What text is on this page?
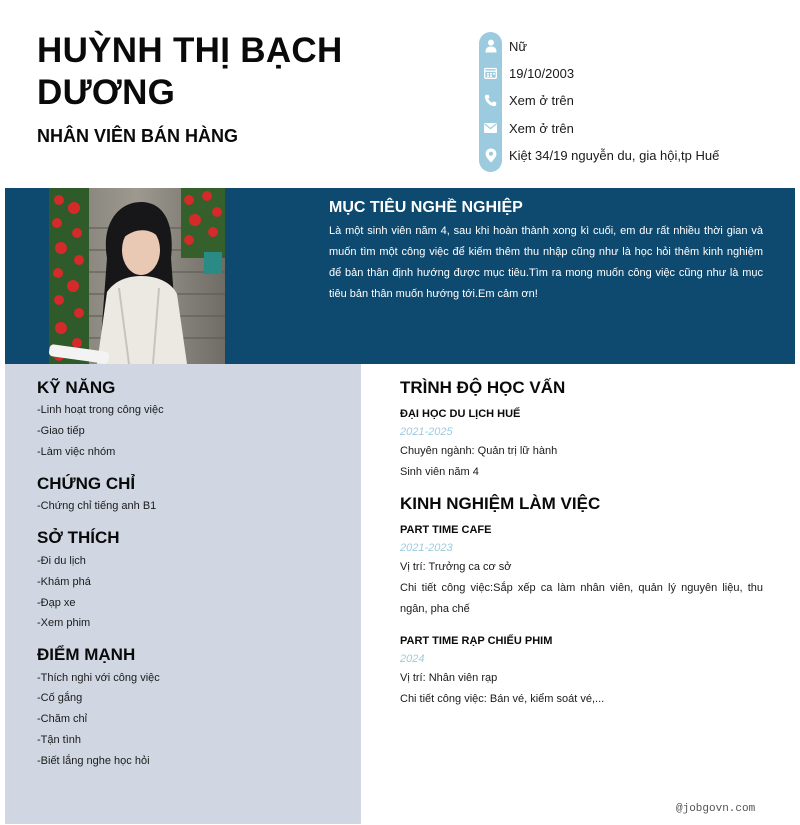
HUỲNH THỊ BẠCH DƯƠNG
NHÂN VIÊN BÁN HÀNG
Nữ
19/10/2003
Xem ở trên
Xem ở trên
Kiệt 34/19 nguyễn du, gia hội,tp Huế
MỤC TIÊU NGHỀ NGHIỆP
Là một sinh viên năm 4, sau khi hoàn thành xong kì cuối, em dư rất nhiều thời gian và muốn tìm một công việc để kiếm thêm thu nhập cũng như là học hỏi thêm kinh nghiệm để bản thân định hướng được mục tiêu.Tìm ra mong muốn công việc cũng như là mục tiêu bản thân muốn hướng tới.Em cảm ơn!
KỸ NĂNG
-Linh hoạt trong công việc
-Giao tiếp
-Làm việc nhóm
CHỨNG CHỈ
-Chứng chỉ tiếng anh B1
SỞ THÍCH
-Đi du lịch
-Khám phá
-Đạp xe
-Xem phim
ĐIỂM MẠNH
-Thích nghi với công việc
-Cố gắng
-Chăm chỉ
-Tận tình
-Biết lắng nghe học hỏi
TRÌNH ĐỘ HỌC VẤN
ĐẠI HỌC DU LỊCH HUẾ
2021-2025
Chuyên ngành: Quản trị lữ hành
Sinh viên năm 4
KINH NGHIỆM LÀM VIỆC
PART TIME CAFE
2021-2023
Vị trí: Trưởng ca cơ sở
Chi tiết công việc:Sắp xếp ca làm nhân viên, quản lý nguyên liệu, thu ngân, pha chế
PART TIME RẠP CHIẾU PHIM
2024
Vị trí: Nhân viên rạp
Chi tiết công việc: Bán vé, kiểm soát vé,...
@jobgovn.com
